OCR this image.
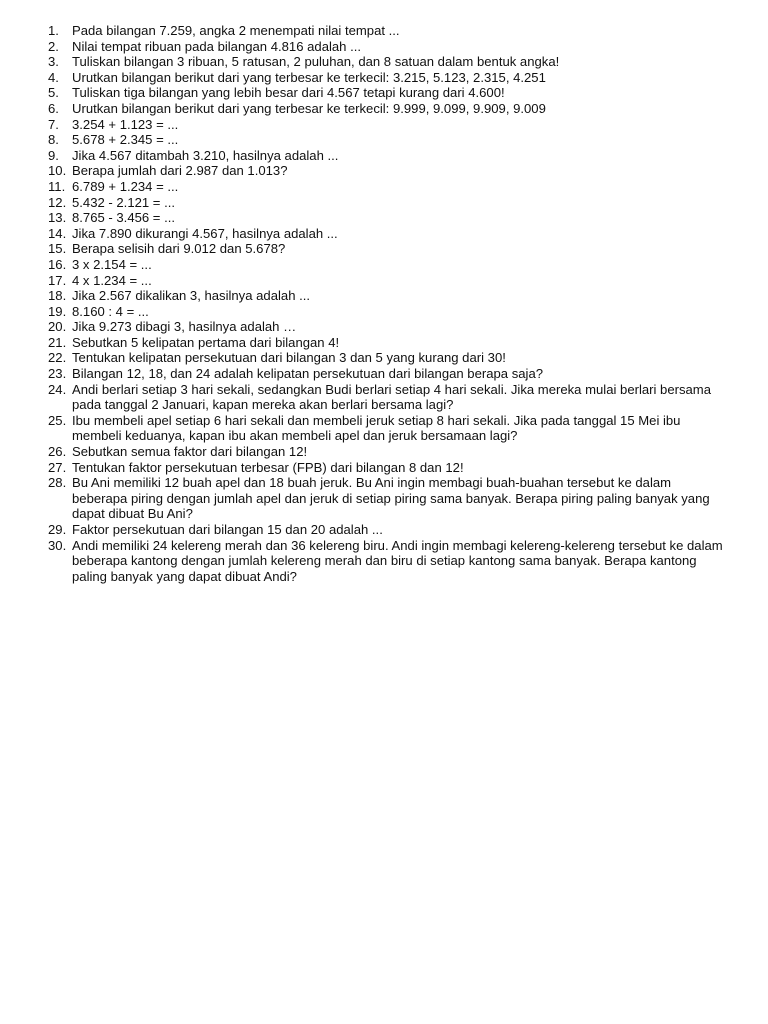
1. Pada bilangan 7.259, angka 2 menempati nilai tempat ...
2. Nilai tempat ribuan pada bilangan 4.816 adalah ...
3. Tuliskan bilangan 3 ribuan, 5 ratusan, 2 puluhan, dan 8 satuan dalam bentuk angka!
4. Urutkan bilangan berikut dari yang terbesar ke terkecil: 3.215, 5.123, 2.315, 4.251
5. Tuliskan tiga bilangan yang lebih besar dari 4.567 tetapi kurang dari 4.600!
6. Urutkan bilangan berikut dari yang terbesar ke terkecil: 9.999, 9.099, 9.909, 9.009
7. 3.254 + 1.123 = ...
8. 5.678 + 2.345 = ...
9. Jika 4.567 ditambah 3.210, hasilnya adalah ...
10. Berapa jumlah dari 2.987 dan 1.013?
11. 6.789 + 1.234 = ...
12. 5.432 - 2.121 = ...
13. 8.765 - 3.456 = ...
14. Jika 7.890 dikurangi 4.567, hasilnya adalah ...
15. Berapa selisih dari 9.012 dan 5.678?
16. 3 x 2.154 = ...
17. 4 x 1.234 = ...
18. Jika 2.567 dikalikan 3, hasilnya adalah ...
19. 8.160 : 4 = ...
20. Jika 9.273 dibagi 3, hasilnya adalah …
21. Sebutkan 5 kelipatan pertama dari bilangan 4!
22. Tentukan kelipatan persekutuan dari bilangan 3 dan 5 yang kurang dari 30!
23. Bilangan 12, 18, dan 24 adalah kelipatan persekutuan dari bilangan berapa saja?
24. Andi berlari setiap 3 hari sekali, sedangkan Budi berlari setiap 4 hari sekali. Jika mereka mulai berlari bersama pada tanggal 2 Januari, kapan mereka akan berlari bersama lagi?
25. Ibu membeli apel setiap 6 hari sekali dan membeli jeruk setiap 8 hari sekali. Jika pada tanggal 15 Mei ibu membeli keduanya, kapan ibu akan membeli apel dan jeruk bersamaan lagi?
26. Sebutkan semua faktor dari bilangan 12!
27. Tentukan faktor persekutuan terbesar (FPB) dari bilangan 8 dan 12!
28. Bu Ani memiliki 12 buah apel dan 18 buah jeruk. Bu Ani ingin membagi buah-buahan tersebut ke dalam beberapa piring dengan jumlah apel dan jeruk di setiap piring sama banyak. Berapa piring paling banyak yang dapat dibuat Bu Ani?
29. Faktor persekutuan dari bilangan 15 dan 20 adalah ...
30. Andi memiliki 24 kelereng merah dan 36 kelereng biru. Andi ingin membagi kelereng-kelereng tersebut ke dalam beberapa kantong dengan jumlah kelereng merah dan biru di setiap kantong sama banyak. Berapa kantong paling banyak yang dapat dibuat Andi?
